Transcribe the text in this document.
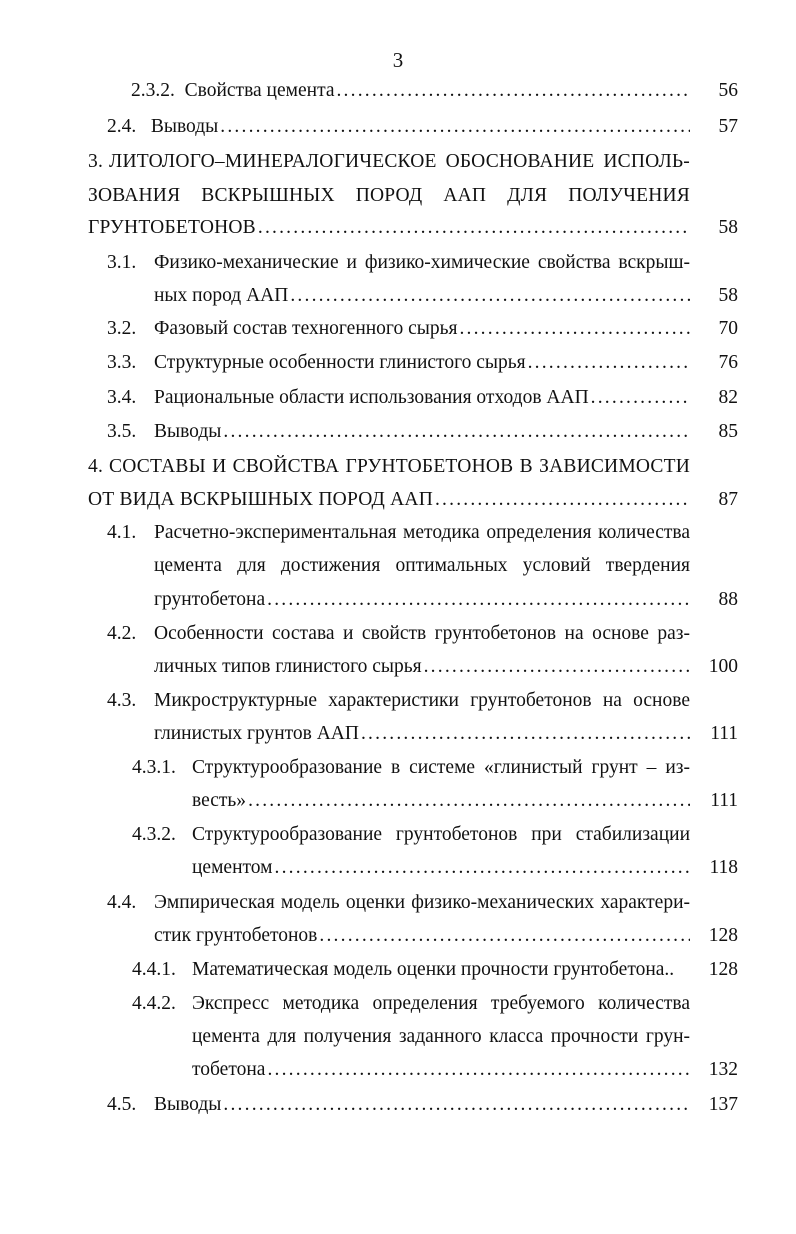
3
2.3.2. Свойства цемента .....	56
2.4. Выводы .....	57
3. ЛИТОЛОГО–МИНЕРАЛОГИЧЕСКОЕ ОБОСНОВАНИЕ ИСПОЛЬ-
ЗОВАНИЯ ВСКРЫШНЫХ ПОРОД ААП ДЛЯ ПОЛУЧЕНИЯ
ГРУНТОБЕТОНОВ .....	58
3.1. Физико-механические и физико-химические свойства вскрыш-
ных пород ААП .....	58
3.2. Фазовый состав техногенного сырья .....	70
3.3. Структурные особенности глинистого сырья .....	76
3.4. Рациональные области использования отходов ААП .....	82
3.5. Выводы .....	85
4. СОСТАВЫ И СВОЙСТВА ГРУНТОБЕТОНОВ В ЗАВИСИМОСТИ
ОТ ВИДА ВСКРЫШНЫХ ПОРОД ААП .....	87
4.1. Расчетно-экспериментальная методика определения количества
цемента для достижения оптимальных условий твердения
грунтобетона .....	88
4.2. Особенности состава и свойств грунтобетонов на основе раз-
личных типов глинистого сырья .....	100
4.3. Микроструктурные характеристики грунтобетонов на основе
глинистых грунтов ААП .....	111
4.3.1. Структурообразование в системе «глинистый грунт – из-
весть» .....	111
4.3.2. Структурообразование грунтобетонов при стабилизации
цементом .....	118
4.4. Эмпирическая модель оценки физико-механических характери-
стик грунтобетонов .....	128
4.4.1. Математическая модель оценки прочности грунтобетона..	128
4.4.2. Экспресс методика определения требуемого количества
цемента для получения заданного класса прочности грун-
тобетона .....	132
4.5. Выводы .....	137
